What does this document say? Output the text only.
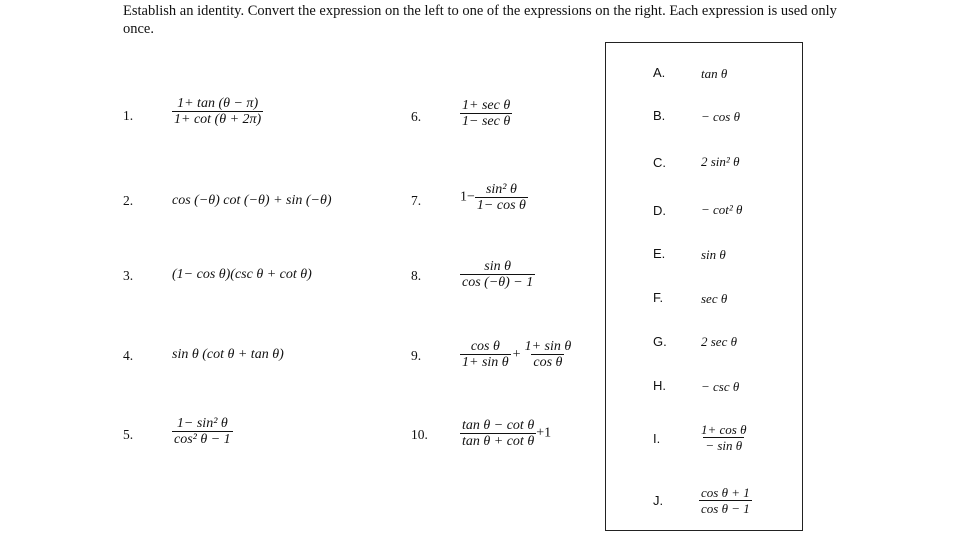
Establish an identity. Convert the expression on the left to one of the expressions on the right. Each expression is used only once.
1.	$\frac{1+ \tan (\theta - \pi)}{1+ \cot (\theta + 2\pi)}$
2.	cos (−θ) cot (−θ) + sin (−θ)
3.	(1− cos θ)(csc θ + cot θ)
4.	sin θ (cot θ + tan θ)
5.	$\frac{\text{1− sin² θ}}{\text{cos² θ − 1}}$
6.	$\frac{\text{1+ sec θ}}{\text{1− sec θ}}$
7.	$1- \frac{\text{sin² θ}}{\text{1− cos θ}}$
8.	$\frac{\text{sin θ}}{\cos (-\theta) - 1}$
9.	$\frac{\text{cos θ}}{\text{1+ sin θ}} + \frac{\text{1+ sin θ}}{\text{cos θ}}$
10. $\frac{\text{tan θ − cot θ}}{\text{tan θ + cot θ}} +1$
A.	tan θ
B.	− cos θ
C.	2 sin² θ
D.	− cot² θ
E.	sin θ
F.	sec θ
G.	2 sec θ
H.	− csc θ
I.	$\frac{\text{1+ cos θ}}{\text{− sin θ}}$
J.	$\frac{\text{cos θ + 1}}{\text{cos θ − 1}}$
